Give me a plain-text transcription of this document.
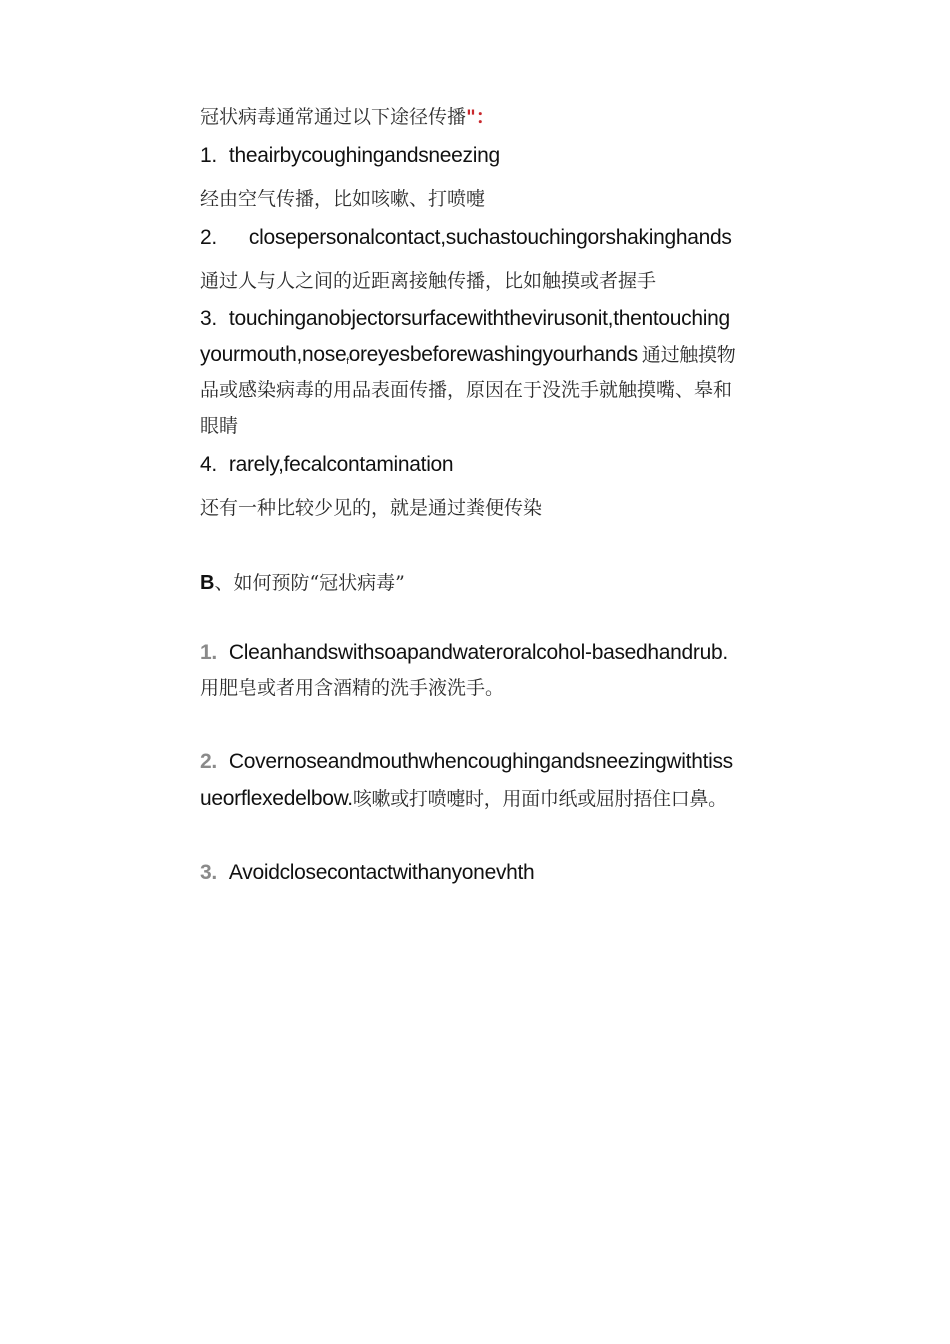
冠状病毒通常通过以下途径传播"：
1. theairbycoughingandsneezing
经由空气传播，比如咳嗽、打喷嚏
2. closepersonalcontact,suchastouchingorshakinghands
通过人与人之间的近距离接触传播，比如触摸或者握手
3. touchinganobjectorsurfacewiththevirusonit,thentouching
yourmouth,nose$_f$oreyesbeforewashingyourhands 通过触摸物
品或感染病毒的用品表面传播，原因在于没洗手就触摸嘴、皋和
眼睛
4. rarely,fecalcontamination
还有一种比较少见的，就是通过粪便传染
B、如何预防“冠状病毒”
1. Cleanhandswithsoapandwateroralcohol-basedhandrub.
用肥皂或者用含酒精的洗手液洗手。
2. Covernoseandmouthwhencoughingandsneezingwithtiss
ueorflexedelbow.咳嗽或打喷嚏时，用面巾纸或屈肘捂住口鼻。
3. Avoidclosecontactwithanyonevhth
